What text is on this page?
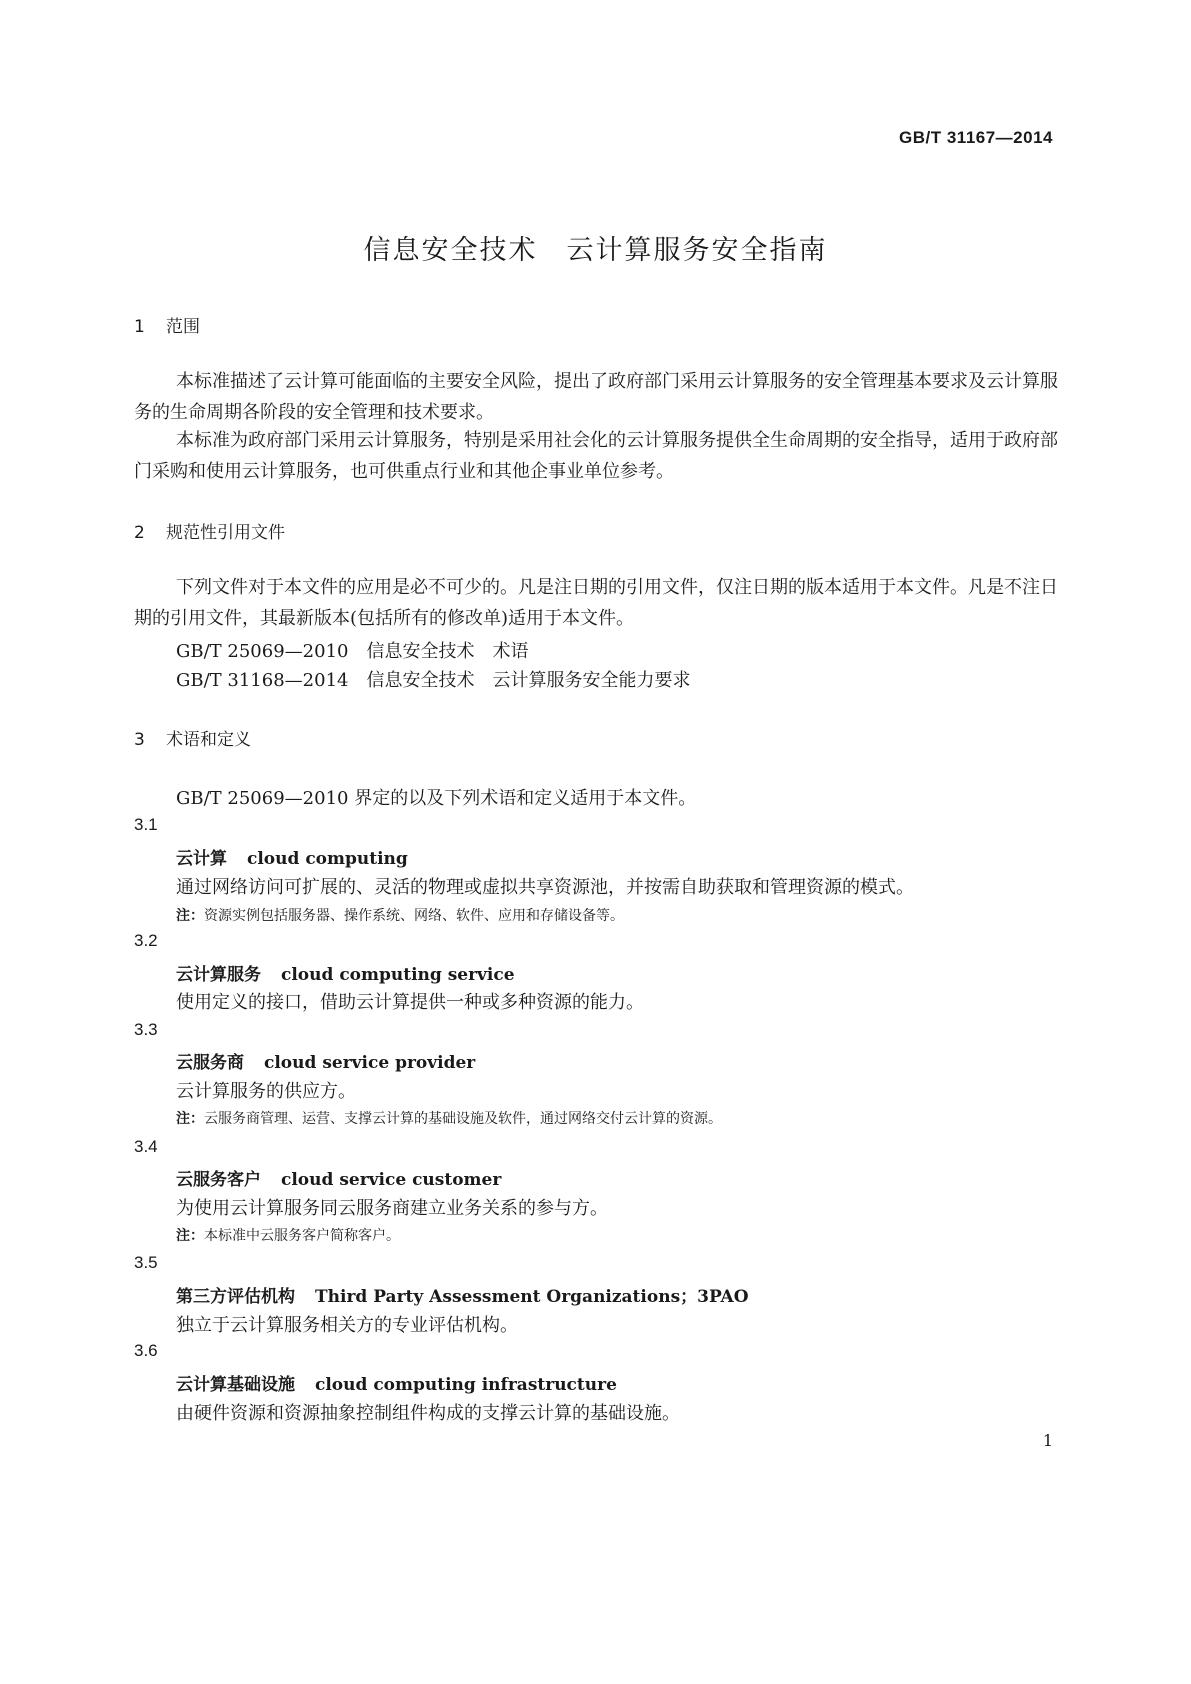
GB/T 31167—2014
信息安全技术　云计算服务安全指南
1 范围
本标准描述了云计算可能面临的主要安全风险，提出了政府部门采用云计算服务的安全管理基本要求及云计算服务的生命周期各阶段的安全管理和技术要求。
本标准为政府部门采用云计算服务，特别是采用社会化的云计算服务提供全生命周期的安全指导，适用于政府部门采购和使用云计算服务，也可供重点行业和其他企事业单位参考。
2 规范性引用文件
下列文件对于本文件的应用是必不可少的。凡是注日期的引用文件，仅注日期的版本适用于本文件。凡是不注日期的引用文件，其最新版本(包括所有的修改单)适用于本文件。
GB/T 25069—2010　信息安全技术　术语
GB/T 31168—2014　信息安全技术　云计算服务安全能力要求
3 术语和定义
GB/T 25069—2010 界定的以及下列术语和定义适用于本文件。
3.1
云计算 cloud computing
通过网络访问可扩展的、灵活的物理或虚拟共享资源池，并按需自助获取和管理资源的模式。
注：资源实例包括服务器、操作系统、网络、软件、应用和存储设备等。
3.2
云计算服务 cloud computing service
使用定义的接口，借助云计算提供一种或多种资源的能力。
3.3
云服务商 cloud service provider
云计算服务的供应方。
注：云服务商管理、运营、支撑云计算的基础设施及软件，通过网络交付云计算的资源。
3.4
云服务客户 cloud service customer
为使用云计算服务同云服务商建立业务关系的参与方。
注：本标准中云服务客户简称客户。
3.5
第三方评估机构 Third Party Assessment Organizations；3PAO
独立于云计算服务相关方的专业评估机构。
3.6
云计算基础设施 cloud computing infrastructure
由硬件资源和资源抽象控制组件构成的支撑云计算的基础设施。
1
